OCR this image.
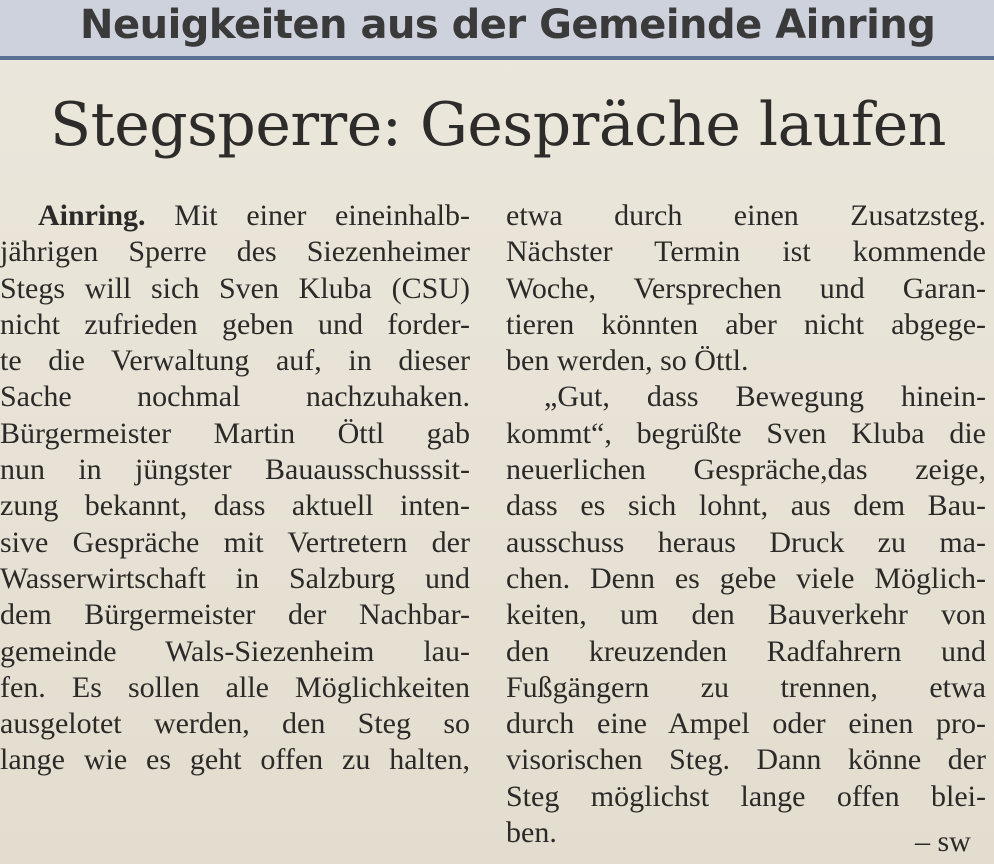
Neuigkeiten aus der Gemeinde Ainring
Stegsperre: Gespräche laufen
Ainring. Mit einer eineinhalb-
jährigen Sperre des Siezenheimer
Stegs will sich Sven Kluba (CSU)
nicht zufrieden geben und forder-
te die Verwaltung auf, in dieser
Sache nochmal nachzuhaken.
Bürgermeister Martin Öttl gab
nun in jüngster Bauausschusssit-
zung bekannt, dass aktuell inten-
sive Gespräche mit Vertretern der
Wasserwirtschaft in Salzburg und
dem Bürgermeister der Nachbar-
gemeinde Wals-Siezenheim lau-
fen. Es sollen alle Möglichkeiten
ausgelotet werden, den Steg so
lange wie es geht offen zu halten,
etwa durch einen Zusatzsteg.
Nächster Termin ist kommende
Woche, Versprechen und Garan-
tieren könnten aber nicht abgege-
ben werden, so Öttl.
„Gut, dass Bewegung hinein-
kommt“, begrüßte Sven Kluba die
neuerlichen Gespräche,das zeige,
dass es sich lohnt, aus dem Bau-
ausschuss heraus Druck zu ma-
chen. Denn es gebe viele Möglich-
keiten, um den Bauverkehr von
den kreuzenden Radfahrern und
Fußgängern zu trennen, etwa
durch eine Ampel oder einen pro-
visorischen Steg. Dann könne der
Steg möglichst lange offen blei-
ben.	– sw
